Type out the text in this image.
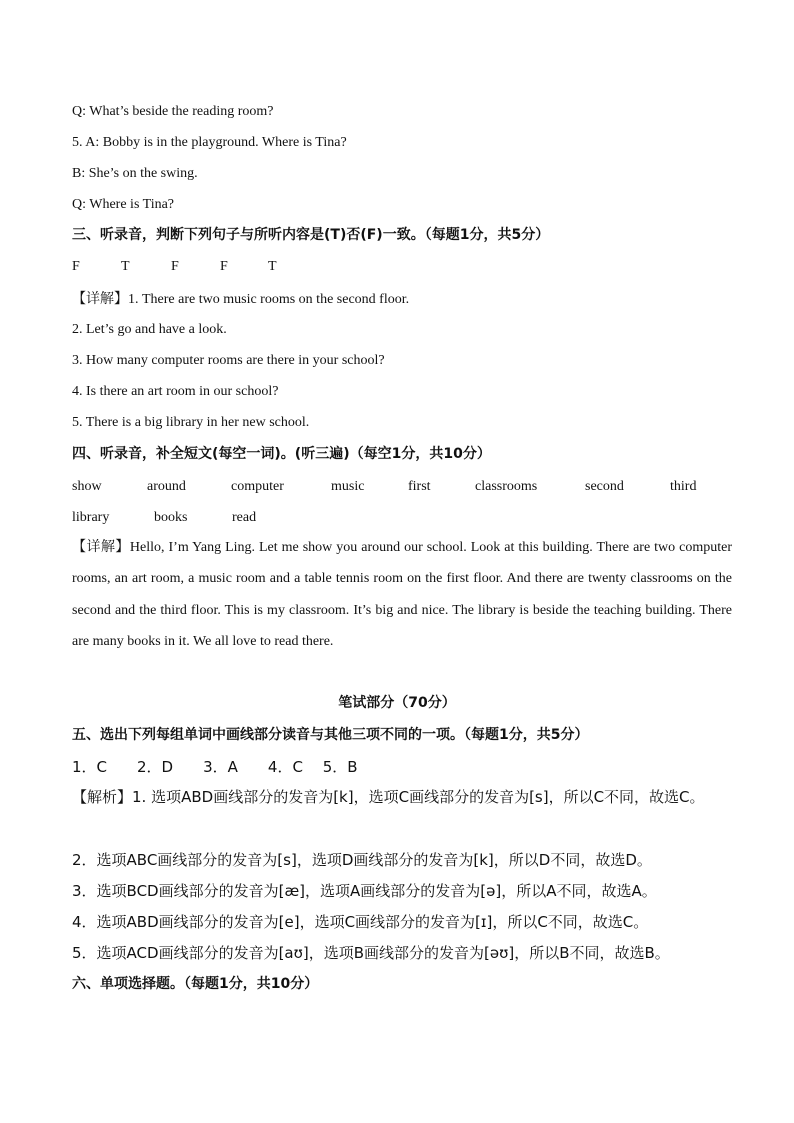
Q: What’s beside the reading room?
5. A: Bobby is in the playground. Where is Tina?
B: She’s on the swing.
Q: Where is Tina?
三、听录音，判断下列句子与所听内容是(T)否(F)一致。（每题1分，共5分）
F	T	F	F	T
【详解】1. There are two music rooms on the second floor.
2. Let’s go and have a look.
3. How many computer rooms are there in your school?
4. Is there an art room in our school?
5. There is a big library in her new school.
四、听录音，补全短文(每空一词)。(听三遍)（每空1分，共10分）
show	around	computer	music	first	classrooms	second	third
library	books	read
【详解】Hello, I’m Yang Ling. Let me show you around our school. Look at this building. There are two computer rooms, an art room, a music room and a table tennis room on the first floor. And there are twenty classrooms on the second and the third floor. This is my classroom. It’s big and nice. The library is beside the teaching building. There are many books in it. We all love to read there.
笔试部分（70分）
五、选出下列每组单词中画线部分读音与其他三项不同的一项。（每题1分，共5分）
1．C　　2．D　　3．A　　4．C　 5．B
【解析】1. 选项ABD画线部分的发音为[k]，选项C画线部分的发音为[s]，所以C不同，故选C。
2．选项ABC画线部分的发音为[s]，选项D画线部分的发音为[k]，所以D不同，故选D。
3．选项BCD画线部分的发音为[æ]，选项A画线部分的发音为[ə]，所以A不同，故选A。
4．选项ABD画线部分的发音为[e]，选项C画线部分的发音为[ɪ]，所以C不同，故选C。
5．选项ACD画线部分的发音为[aʊ]，选项B画线部分的发音为[əʊ]，所以B不同，故选B。
六、单项选择题。（每题1分，共10分）
